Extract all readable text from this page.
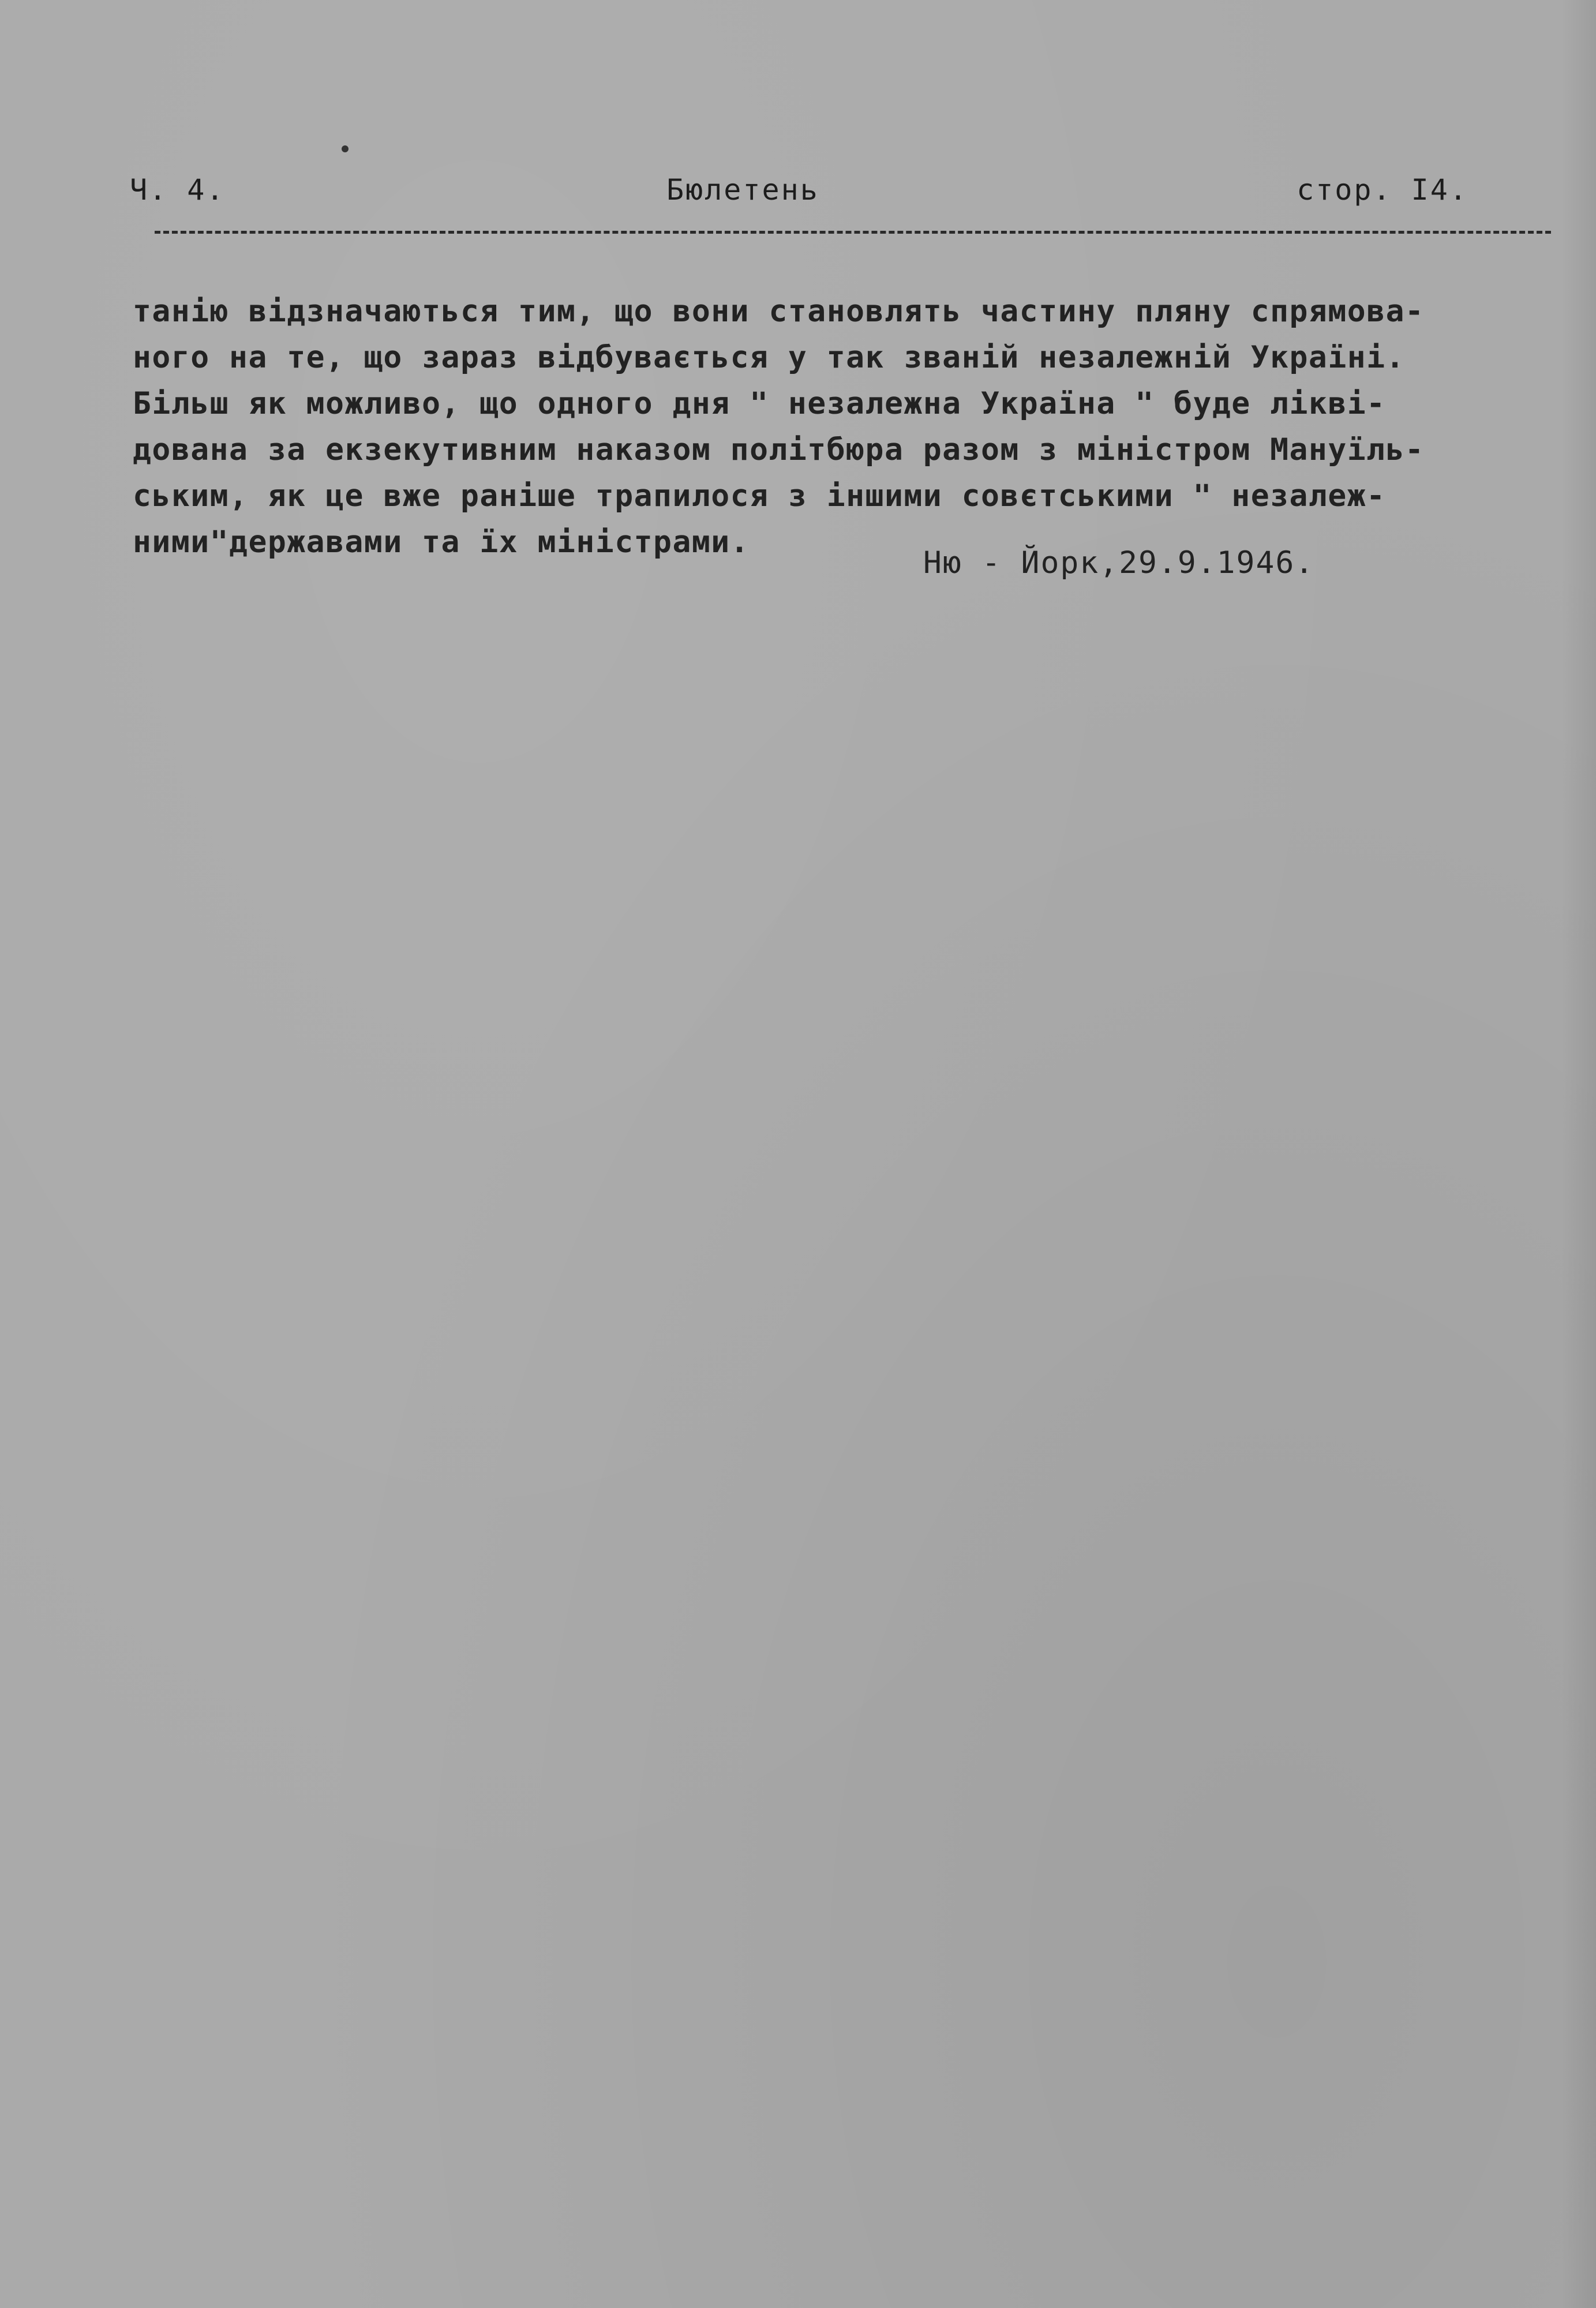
Ч. 4.	Бюлетень	стор. І4.
танію відзначаються тим, що вони становлять частину пляну спрямова-
ного на те, що зараз відбувається у так званій незалежній Україні.
Більш як можливо, що одного дня " незалежна Україна " буде ліквi-
дована за екзекутивним наказом політбюра разом з міністром Мануїль-
ським, як це вже раніше трапилося з іншими совєтськими " незалеж-
ними"державами та їх міністрами.
Ню - Йорк,29.9.1946.
